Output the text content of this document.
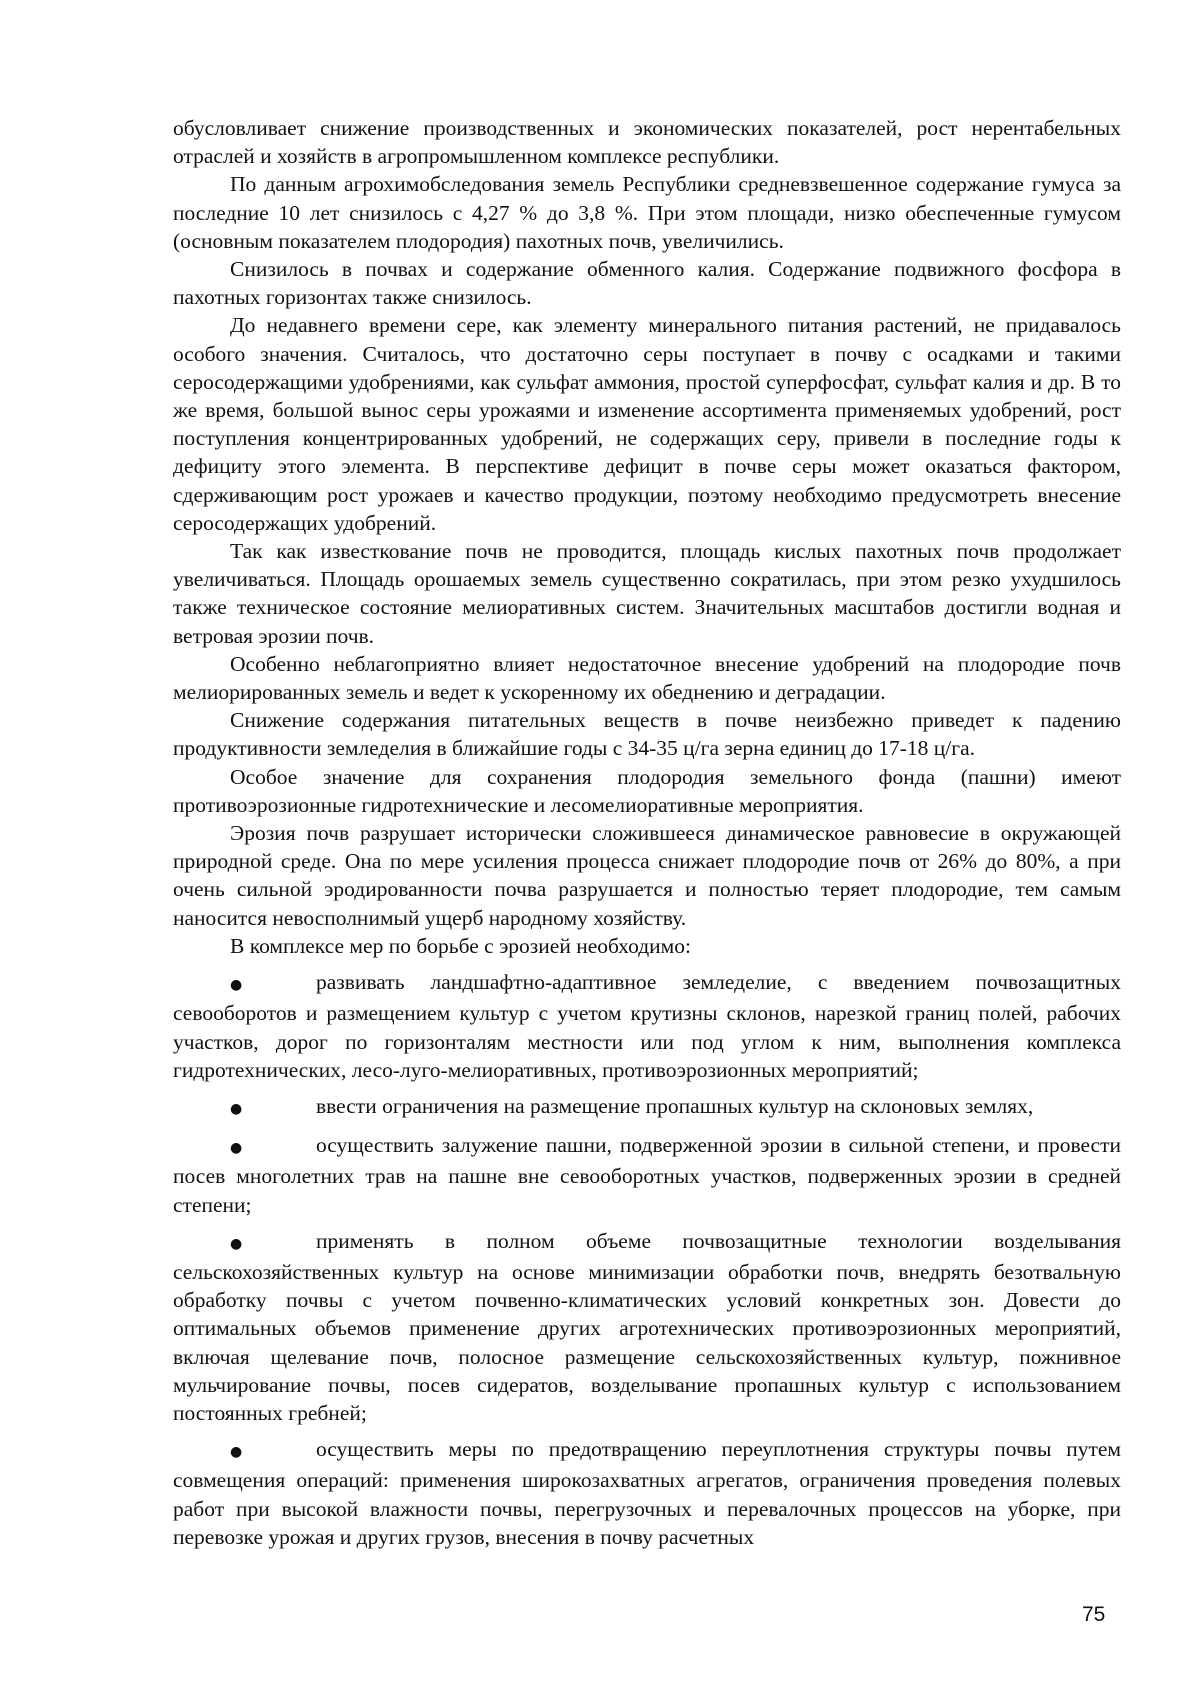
обусловливает снижение производственных и экономических показателей, рост нерентабельных отраслей и хозяйств в агропромышленном комплексе республики.

По данным агрохимобследования земель Республики средневзвешенное содержание гумуса за последние 10 лет снизилось с 4,27 % до 3,8 %. При этом площади, низко обеспеченные гумусом (основным показателем плодородия) пахотных почв, увеличились.

Снизилось в почвах и содержание обменного калия. Содержание подвижного фосфора в пахотных горизонтах также снизилось.

До недавнего времени сере, как элементу минерального питания растений, не придавалось особого значения. Считалось, что достаточно серы поступает в почву с осадками и такими серосодержащими удобрениями, как сульфат аммония, простой суперфосфат, сульфат калия и др. В то же время, большой вынос серы урожаями и изменение ассортимента применяемых удобрений, рост поступления концентрированных удобрений, не содержащих серу, привели в последние годы к дефициту этого элемента. В перспективе дефицит в почве серы может оказаться фактором, сдерживающим рост урожаев и качество продукции, поэтому необходимо предусмотреть внесение серосодержащих удобрений.

Так как известкование почв не проводится, площадь кислых пахотных почв продолжает увеличиваться. Площадь орошаемых земель существенно сократилась, при этом резко ухудшилось также техническое состояние мелиоративных систем. Значительных масштабов достигли водная и ветровая эрозии почв.

Особенно неблагоприятно влияет недостаточное внесение удобрений на плодородие почв мелиорированных земель и ведет к ускоренному их обеднению и деградации.

Снижение содержания питательных веществ в почве неизбежно приведет к падению продуктивности земледелия в ближайшие годы с 34-35 ц/га зерна единиц до 17-18 ц/га.

Особое значение для сохранения плодородия земельного фонда (пашни) имеют противоэрозионные гидротехнические и лесомелиоративные мероприятия.

Эрозия почв разрушает исторически сложившееся динамическое равновесие в окружающей природной среде. Она по мере усиления процесса снижает плодородие почв от 26% до 80%, а при очень сильной эродированности почва разрушается и полностью теряет плодородие, тем самым наносится невосполнимый ущерб народному хозяйству.

В комплексе мер по борьбе с эрозией необходимо:

●	развивать ландшафтно-адаптивное земледелие, с введением почвозащитных севооборотов и размещением культур с учетом крутизны склонов, нарезкой границ полей, рабочих участков, дорог по горизонталям местности или под углом к ним, выполнения комплекса гидротехнических, лесо-луго-мелиоративных, противоэрозионных мероприятий;

●	ввести ограничения на размещение пропашных культур на склоновых землях,

●	осуществить залужение пашни, подверженной эрозии в сильной степени, и провести посев многолетних трав на пашне вне севооборотных участков, подверженных эрозии в средней степени;

●	применять в полном объеме почвозащитные технологии возделывания сельскохозяйственных культур на основе минимизации обработки почв, внедрять безотвальную обработку почвы с учетом почвенно-климатических условий конкретных зон. Довести до оптимальных объемов применение других агротехнических противоэрозионных мероприятий, включая щелевание почв, полосное размещение сельскохозяйственных культур, пожнивное мульчирование почвы, посев сидератов, возделывание пропашных культур с использованием постоянных гребней;

●	осуществить меры по предотвращению переуплотнения структуры почвы путем совмещения операций: применения широкозахватных агрегатов, ограничения проведения полевых работ при высокой влажности почвы, перегрузочных и перевалочных процессов на уборке, при перевозке урожая и других грузов, внесения в почву расчетных

75
